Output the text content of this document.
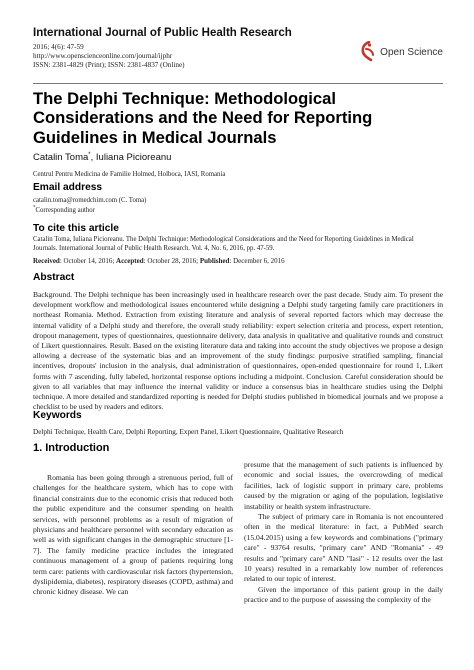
International Journal of Public Health Research
2016; 4(6): 47-59
http://www.openscienceonline.com/journal/ijphr
ISSN: 2381-4829 (Print); ISSN: 2381-4837 (Online)
Open Science
The Delphi Technique: Methodological Considerations and the Need for Reporting Guidelines in Medical Journals
Catalin Toma*, Iuliana Picioreanu
Centrul Pentru Medicina de Familie Holmed, Holboca, IASI, Romania
Email address
catalin.toma@romedchim.com (C. Toma)
*Corresponding author
To cite this article
Catalin Toma, Iuliana Picioreanu. The Delphi Technique: Methodological Considerations and the Need for Reporting Guidelines in Medical
Journals. International Journal of Public Health Research. Vol. 4, No. 6, 2016, pp. 47-59.
Received: October 14, 2016; Accepted: October 28, 2016; Published: December 6, 2016
Abstract
Background. The Delphi technique has been increasingly used in healthcare research over the past decade. Study aim. To present the development workflow and methodological issues encountered while designing a Delphi study targeting family care practitioners in northeast Romania. Method. Extraction from existing literature and analysis of several reported factors which may decrease the internal validity of a Delphi study and therefore, the overall study reliability: expert selection criteria and process, expert retention, dropout management, types of questionnaires, questionnaire delivery, data analysis in qualitative and qualitative rounds and construct of Likert questionnaires. Result. Based on the existing literature data and taking into account the study objectives we propose a design allowing a decrease of the systematic bias and an improvement of the study findings: purposive stratified sampling, financial incentives, dropouts' inclusion in the analysis, dual administration of questionnaires, open-ended questionnaire for round 1, Likert forms with 7 ascending, fully labeled, horizontal response options including a midpoint. Conclusion. Careful consideration should be given to all variables that may influence the internal validity or induce a consensus bias in healthcare studies using the Delphi technique. A more detailed and standardized reporting is needed for Delphi studies published in biomedical journals and we propose a checklist to be used by readers and editors.
Keywords
Delphi Technique, Health Care, Delphi Reporting, Expert Panel, Likert Questionnaire, Qualitative Research
1. Introduction

Romania has been going through a strenuous period, full of challenges for the healthcare system, which has to cope with financial constraints due to the economic crisis that reduced both the public expenditure and the consumer spending on health services, with personnel problems as a result of migration of physicians and healthcare personnel with secondary education as well as with significant changes in the demographic structure [1-7]. The family medicine practice includes the integrated continuous management of a group of patients requiring long term care: patients with cardiovascular risk factors (hypertension, dyslipidemia, diabetes), respiratory diseases (COPD, asthma) and chronic kidney disease. We can

presume that the management of such patients is influenced by economic and social issues, the overcrowding of medical facilities, lack of logistic support in primary care, problems caused by the migration or aging of the population, legislative instability or health system infrastructure.

The subject of primary care in Romania is not encountered often in the medical literature: in fact, a PubMed search (15.04.2015) using a few keywords and combinations ("primary care" - 93764 results, "primary care" AND "Romania" - 49 results and "primary care" AND "Iasi" - 12 results over the last 10 years) resulted in a remarkably low number of references related to our topic of interest.

Given the importance of this patient group in the daily practice and to the purpose of assessing the complexity of the
